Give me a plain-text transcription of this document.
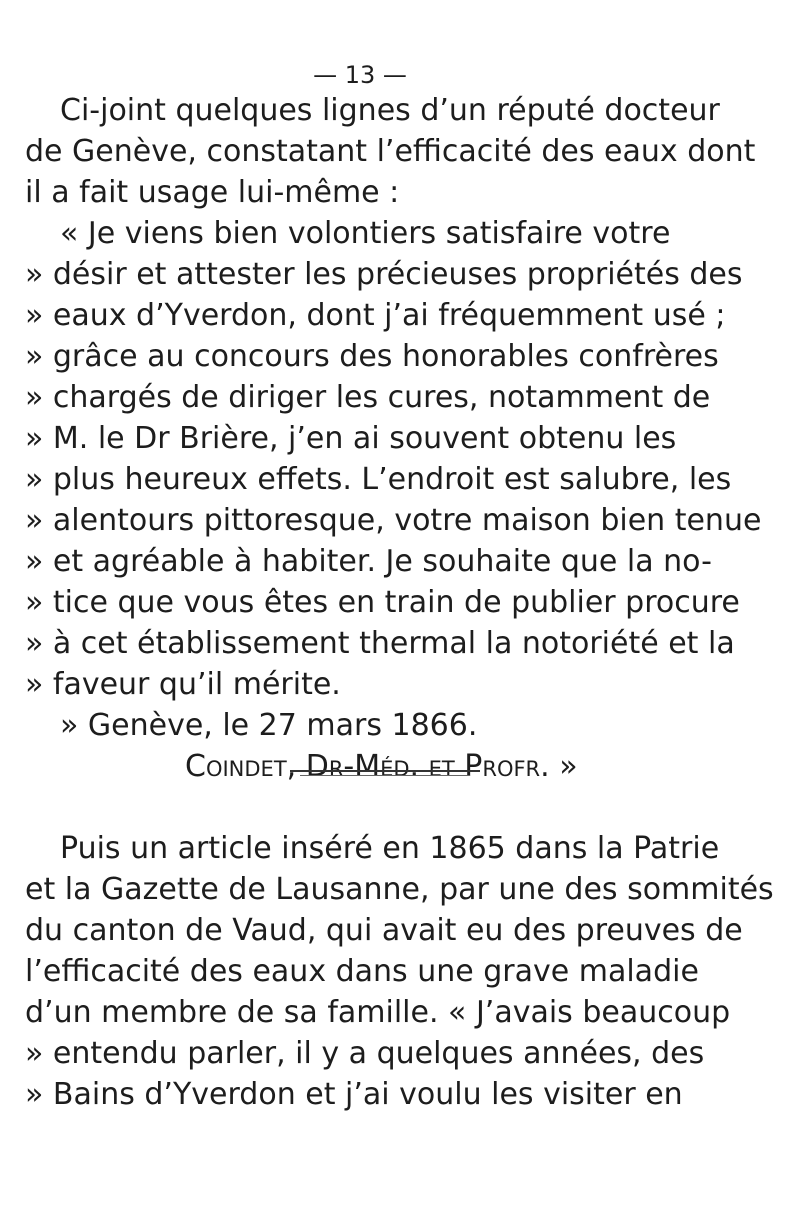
— 13 —
Ci-joint quelques lignes d’un réputé docteur
de Genève, constatant l’efficacité des eaux dont
il a fait usage lui-même :
« Je viens bien volontiers satisfaire votre
» désir et attester les précieuses propriétés des
» eaux d’Yverdon, dont j’ai fréquemment usé ;
» grâce au concours des honorables confrères
» chargés de diriger les cures, notamment de
» M. le Dr Brière, j’en ai souvent obtenu les
» plus heureux effets. L’endroit est salubre, les
» alentours pittoresque, votre maison bien tenue
» et agréable à habiter. Je souhaite que la no-
» tice que vous êtes en train de publier procure
» à cet établissement thermal la notoriété et la
» faveur qu’il mérite.
» Genève, le 27 mars 1866.
Coindet, Dr-Méd. et Profr. »
Puis un article inséré en 1865 dans la Patrie
et la Gazette de Lausanne, par une des sommités
du canton de Vaud, qui avait eu des preuves de
l’efficacité des eaux dans une grave maladie
d’un membre de sa famille. « J’avais beaucoup
» entendu parler, il y a quelques années, des
» Bains d’Yverdon et j’ai voulu les visiter en
